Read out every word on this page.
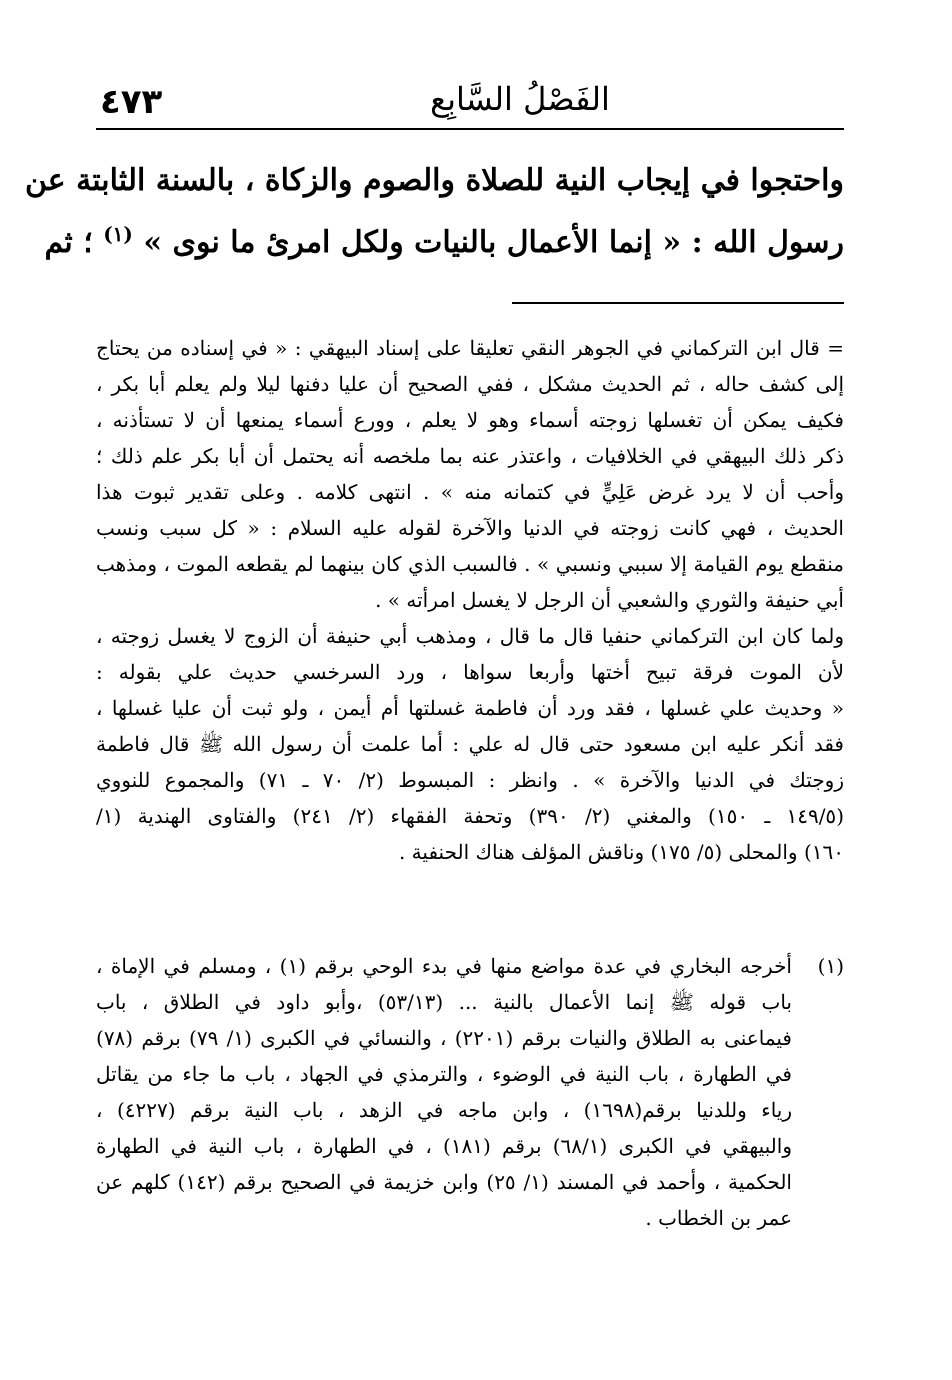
٤٧٣	الفَصْلُ السَّابِع
واحتجوا في إيجاب النية للصلاة والصوم والزكاة ، بالسنة الثابتة عن
رسول الله : « إنما الأعمال بالنيات ولكل امرئ ما نوى » $^{(١)}$ ؛ ثم
= قال ابن التركماني في الجوهر النقي تعليقا على إسناد البيهقي : « في إسناده من يحتاج
إلى كشف حاله ، ثم الحديث مشكل ، ففي الصحيح أن عليا دفنها ليلا ولم يعلم أبا بكر ،
فكيف يمكن أن تغسلها زوجته أسماء وهو لا يعلم ، وورع أسماء يمنعها أن لا تستأذنه ،
ذكر ذلك البيهقي في الخلافيات ، واعتذر عنه بما ملخصه أنه يحتمل أن أبا بكر علم ذلك ؛
وأحب أن لا يرد غرض عَلِيٍّ في كتمانه منه » . انتهى كلامه . وعلى تقدير ثبوت هذا
الحديث ، فهي كانت زوجته في الدنيا والآخرة لقوله عليه السلام : « كل سبب ونسب
منقطع يوم القيامة إلا سببي ونسبي » . فالسبب الذي كان بينهما لم يقطعه الموت ، ومذهب
أبي حنيفة والثوري والشعبي أن الرجل لا يغسل امرأته » .
ولما كان ابن التركماني حنفيا قال ما قال ، ومذهب أبي حنيفة أن الزوج لا يغسل زوجته ،
لأن الموت فرقة تبيح أختها وأربعا سواها ، ورد السرخسي حديث علي بقوله :
« وحديث علي غسلها ، فقد ورد أن فاطمة غسلتها أم أيمن ، ولو ثبت أن عليا غسلها ،
فقد أنكر عليه ابن مسعود حتى قال له علي : أما علمت أن رسول الله ﷺ قال فاطمة
زوجتك في الدنيا والآخرة » . وانظر : المبسوط (٢/ ٧٠ ـ ٧١) والمجموع للنووي
(١٤٩/٥ ـ ١٥٠) والمغني (٢/ ٣٩٠) وتحفة الفقهاء (٢/ ٢٤١) والفتاوى الهندية (١/
١٦٠) والمحلى (٥/ ١٧٥) وناقش المؤلف هناك الحنفية .
(١)
أخرجه البخاري في عدة مواضع منها في بدء الوحي برقم (١) ، ومسلم في الإماة ،
باب قوله ﷺ إنما الأعمال بالنية ... (٥٣/١٣) ،وأبو داود في الطلاق ، باب
فيماعنى به الطلاق والنيات برقم (٢٢٠١) ، والنسائي في الكبرى (١/ ٧٩) برقم (٧٨)
في الطهارة ، باب النية في الوضوء ، والترمذي في الجهاد ، باب ما جاء من يقاتل
رياء وللدنيا برقم(١٦٩٨) ، وابن ماجه في الزهد ، باب النية برقم (٤٢٢٧) ،
والبيهقي في الكبرى (٦٨/١) برقم (١٨١) ، في الطهارة ، باب النية في الطهارة
الحكمية ، وأحمد في المسند (١/ ٢٥) وابن خزيمة في الصحيح برقم (١٤٢) كلهم عن
عمر بن الخطاب .
